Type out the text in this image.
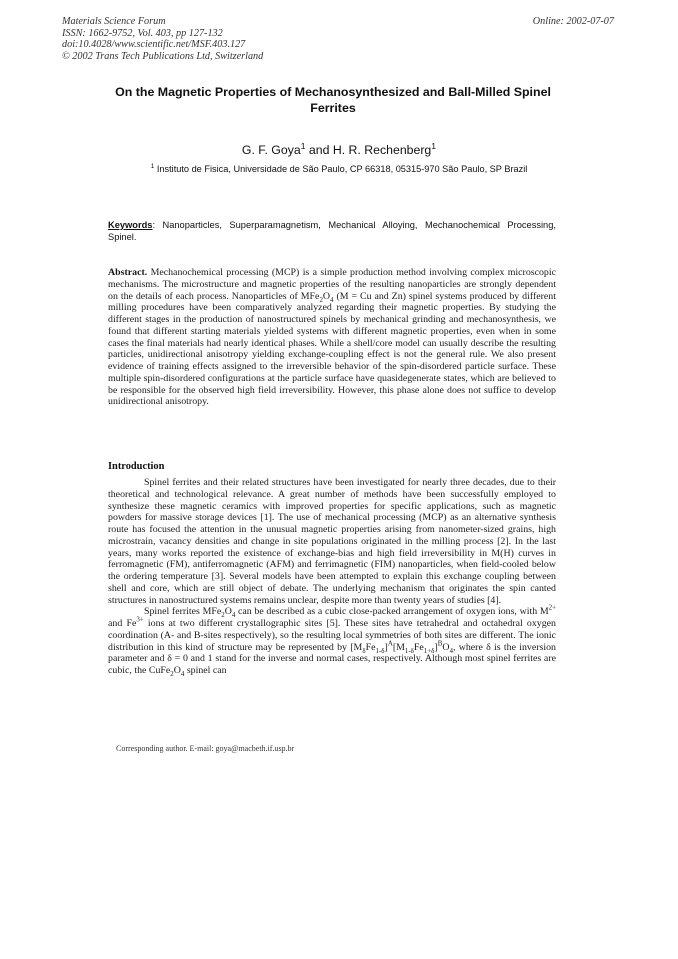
Materials Science Forum
ISSN: 1662-9752, Vol. 403, pp 127-132
doi:10.4028/www.scientific.net/MSF.403.127
© 2002 Trans Tech Publications Ltd, Switzerland
Online: 2002-07-07
On the Magnetic Properties of Mechanosynthesized and Ball-Milled Spinel Ferrites
G. F. Goya$^1$ and H. R. Rechenberg$^1$
$^1$ Instituto de Fisica, Universidade de São Paulo, CP 66318, 05315-970 São Paulo, SP Brazil
Keywords: Nanoparticles, Superparamagnetism, Mechanical Alloying, Mechanochemical Processing, Spinel.
Abstract. Mechanochemical processing (MCP) is a simple production method involving complex microscopic mechanisms. The microstructure and magnetic properties of the resulting nanoparticles are strongly dependent on the details of each process. Nanoparticles of $MFe_2O_4$ (M = Cu and Zn) spinel systems produced by different milling procedures have been comparatively analyzed regarding their magnetic properties. By studying the different stages in the production of nanostructured spinels by mechanical grinding and mechanosynthesis, we found that different starting materials yielded systems with different magnetic properties, even when in some cases the final materials had nearly identical phases. While a shell/core model can usually describe the resulting particles, unidirectional anisotropy yielding exchange-coupling effect is not the general rule. We also present evidence of training effects assigned to the irreversible behavior of the spin-disordered particle surface. These multiple spin-disordered configurations at the particle surface have quasidegenerate states, which are believed to be responsible for the observed high field irreversibility. However, this phase alone does not suffice to develop unidirectional anisotropy.
Introduction

Spinel ferrites and their related structures have been investigated for nearly three decades, due to their theoretical and technological relevance. A great number of methods have been successfully employed to synthesize these magnetic ceramics with improved properties for specific applications, such as magnetic powders for massive storage devices [1]. The use of mechanical processing (MCP) as an alternative synthesis route has focused the attention in the unusual magnetic properties arising from nanometer-sized grains, high microstrain, vacancy densities and change in site populations originated in the milling process [2]. In the last years, many works reported the existence of exchange-bias and high field irreversibility in M(H) curves in ferromagnetic (FM), antiferromagnetic (AFM) and ferrimagnetic (FIM) nanoparticles, when field-cooled below the ordering temperature [3]. Several models have been attempted to explain this exchange coupling between shell and core, which are still object of debate. The underlying mechanism that originates the spin canted structures in nanostructured systems remains unclear, despite more than twenty years of studies [4].

Spinel ferrites $MFe_2O_4$ can be described as a cubic close-packed arrangement of oxygen ions, with $M^{2+}$ and $Fe^{3+}$ ions at two different crystallographic sites [5]. These sites have tetrahedral and octahedral oxygen coordination (A- and B-sites respectively), so the resulting local symmetries of both sites are different. The ionic distribution in this kind of structure may be represented by $[M_\delta Fe_{1-\delta}]^A[M_{1-\delta}Fe_{1+\delta}]^BO_4$, where δ is the inversion parameter and δ = 0 and 1 stand for the inverse and normal cases, respectively. Although most spinel ferrites are cubic, the $CuFe_2O_4$ spinel can

Corresponding author. E-mail: goya@macbeth.if.usp.br
